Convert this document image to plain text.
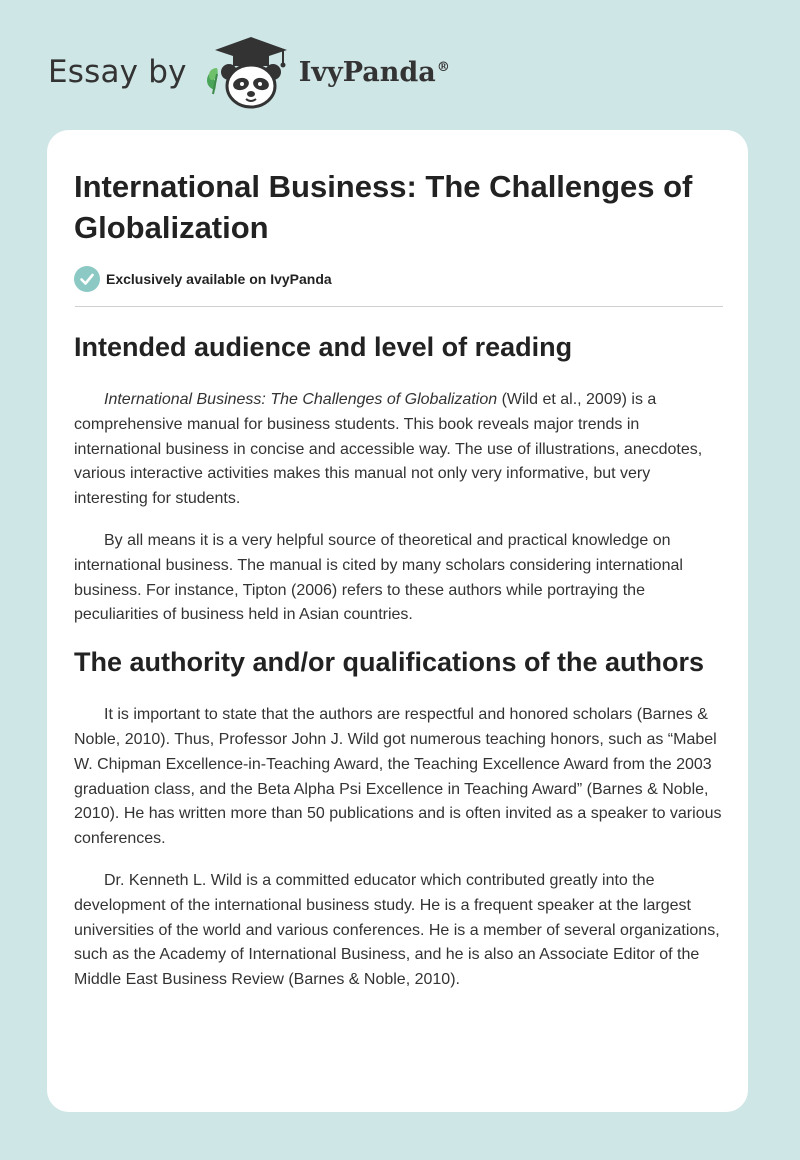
Essay by	IvyPanda®
International Business: The Challenges of Globalization
Exclusively available on IvyPanda
Intended audience and level of reading

International Business: The Challenges of Globalization (Wild et al., 2009) is a comprehensive manual for business students. This book reveals major trends in international business in concise and accessible way. The use of illustrations, anecdotes, various interactive activities makes this manual not only very informative, but very interesting for students.

By all means it is a very helpful source of theoretical and practical knowledge on international business. The manual is cited by many scholars considering international business. For instance, Tipton (2006) refers to these authors while portraying the peculiarities of business held in Asian countries.

The authority and/or qualifications of the authors

It is important to state that the authors are respectful and honored scholars (Barnes & Noble, 2010). Thus, Professor John J. Wild got numerous teaching honors, such as “Mabel W. Chipman Excellence-in-Teaching Award, the Teaching Excellence Award from the 2003 graduation class, and the Beta Alpha Psi Excellence in Teaching Award” (Barnes & Noble, 2010). He has written more than 50 publications and is often invited as a speaker to various conferences.

Dr. Kenneth L. Wild is a committed educator which contributed greatly into the development of the international business study. He is a frequent speaker at the largest universities of the world and various conferences. He is a member of several organizations, such as the Academy of International Business, and he is also an Associate Editor of the Middle East Business Review (Barnes & Noble, 2010).
